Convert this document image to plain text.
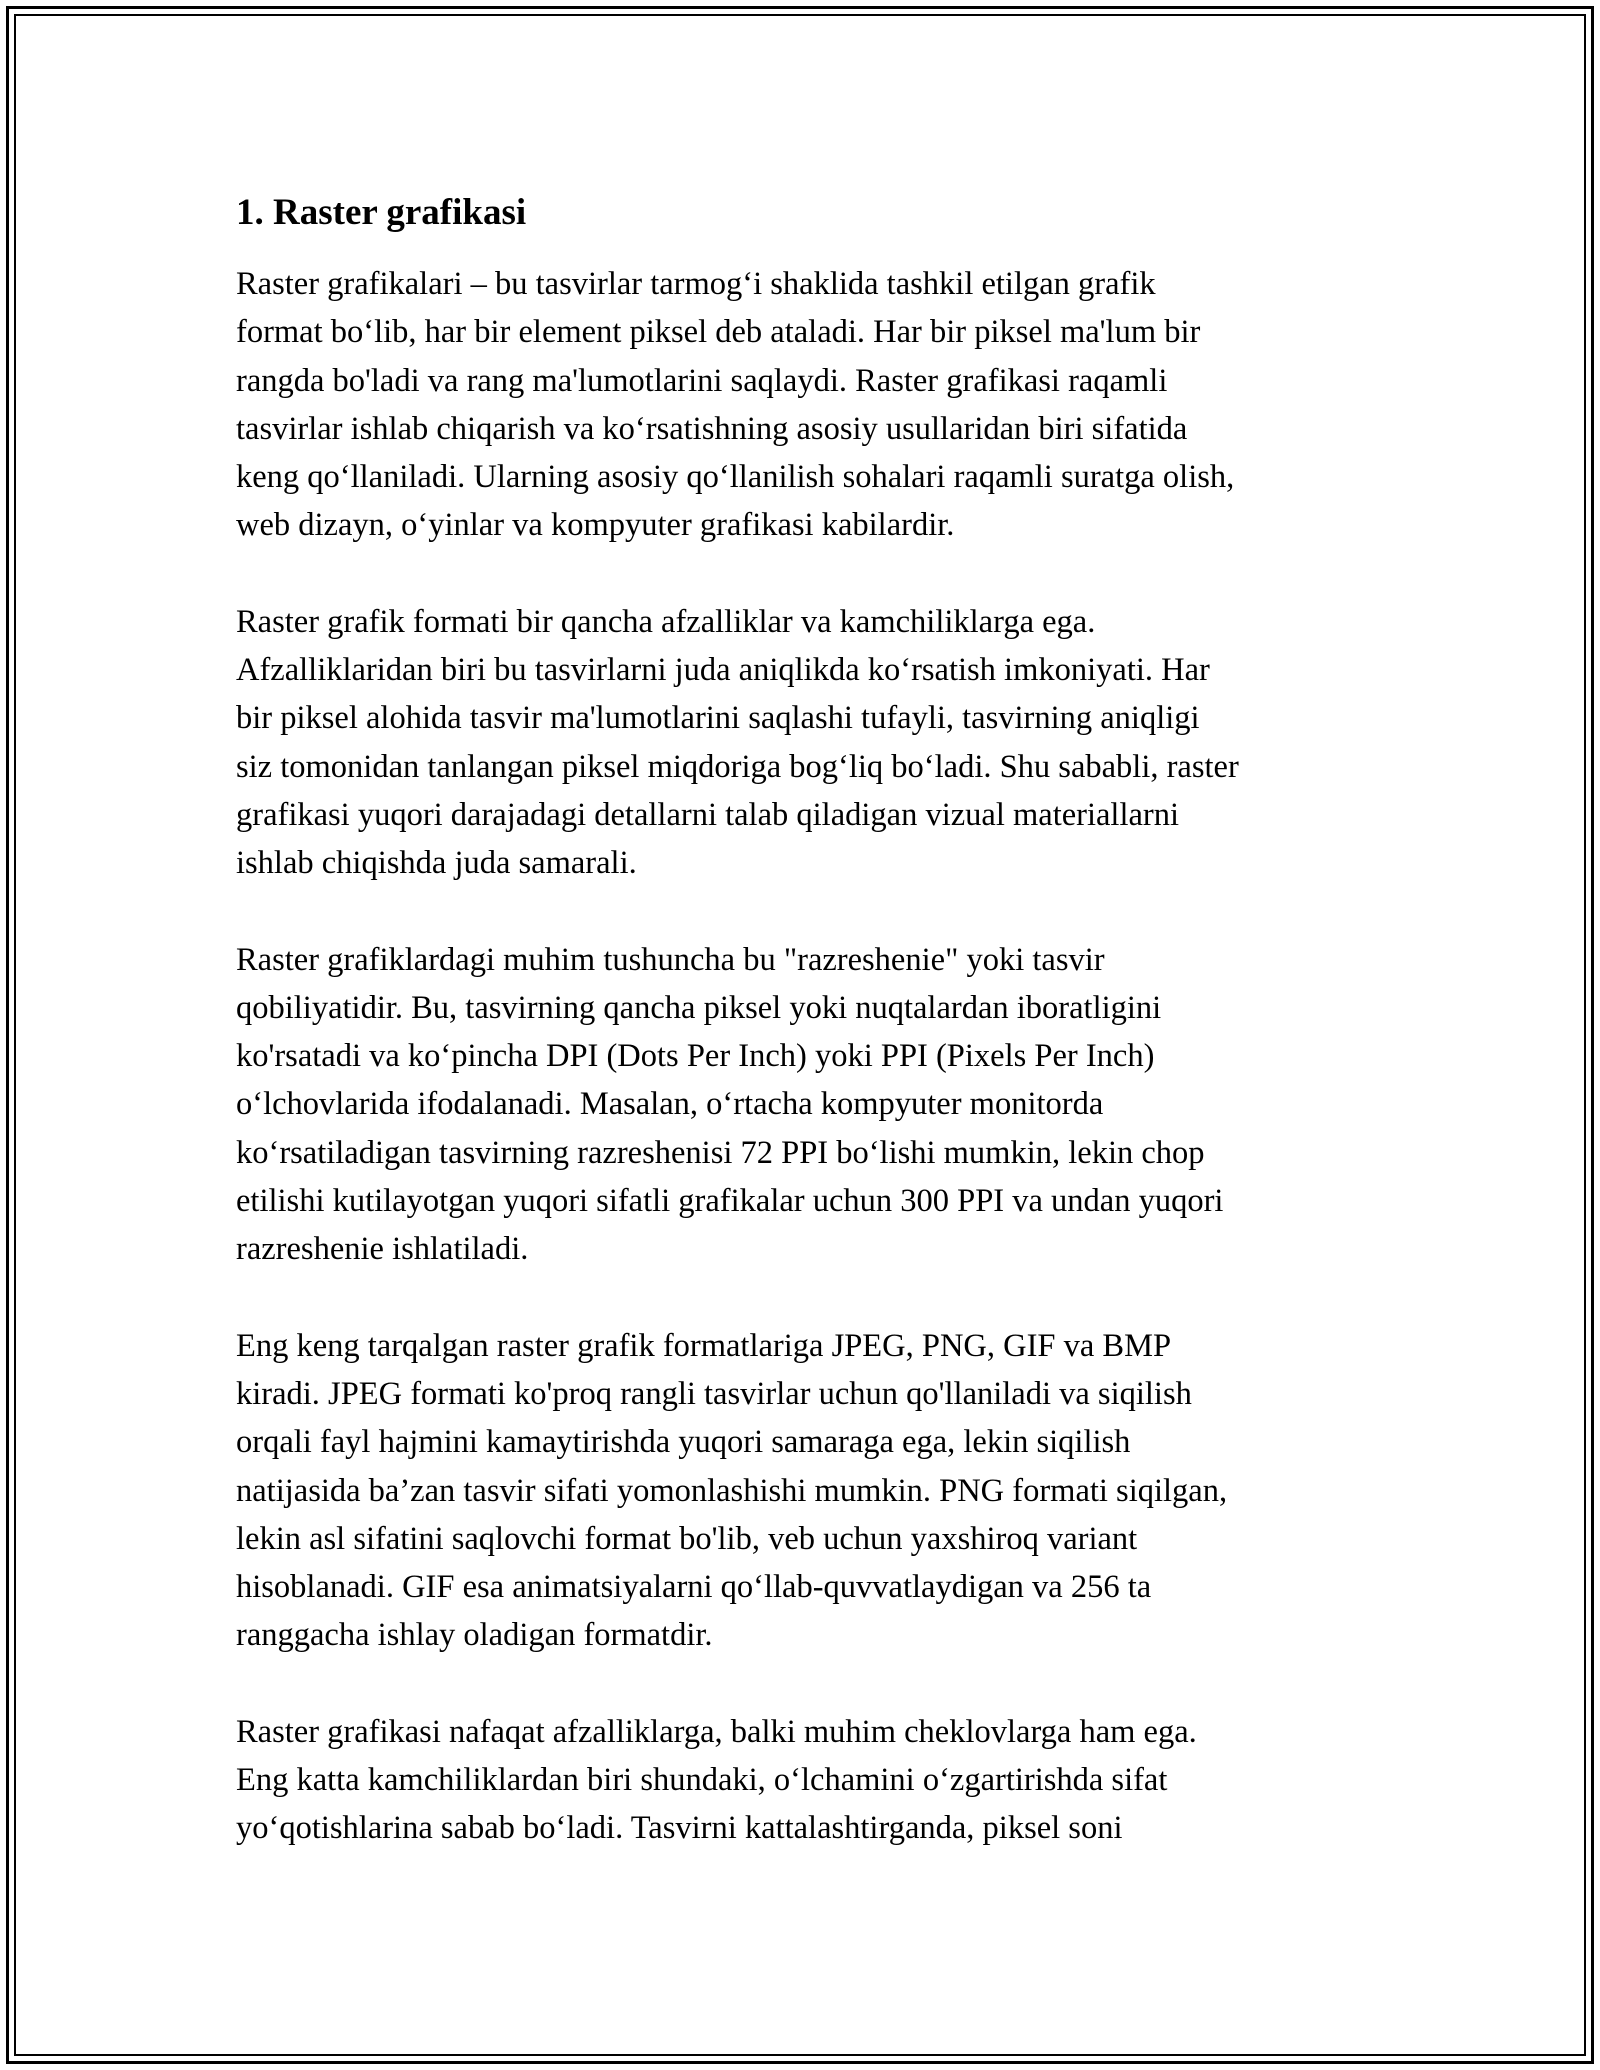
1. Raster grafikasi
Raster grafikalari – bu tasvirlar tarmogʻi shaklida tashkil etilgan grafik
format boʻlib, har bir element piksel deb ataladi. Har bir piksel ma'lum bir
rangda bo'ladi va rang ma'lumotlarini saqlaydi. Raster grafikasi raqamli
tasvirlar ishlab chiqarish va koʻrsatishning asosiy usullaridan biri sifatida
keng qoʻllaniladi. Ularning asosiy qoʻllanilish sohalari raqamli suratga olish,
web dizayn, oʻyinlar va kompyuter grafikasi kabilardir.
Raster grafik formati bir qancha afzalliklar va kamchiliklarga ega.
Afzalliklaridan biri bu tasvirlarni juda aniqlikda koʻrsatish imkoniyati. Har
bir piksel alohida tasvir ma'lumotlarini saqlashi tufayli, tasvirning aniqligi
siz tomonidan tanlangan piksel miqdoriga bogʻliq boʻladi. Shu sababli, raster
grafikasi yuqori darajadagi detallarni talab qiladigan vizual materiallarni
ishlab chiqishda juda samarali.
Raster grafiklardagi muhim tushuncha bu "razreshenie" yoki tasvir
qobiliyatidir. Bu, tasvirning qancha piksel yoki nuqtalardan iboratligini
ko'rsatadi va koʻpincha DPI (Dots Per Inch) yoki PPI (Pixels Per Inch)
oʻlchovlarida ifodalanadi. Masalan, oʻrtacha kompyuter monitorda
koʻrsatiladigan tasvirning razreshenisi 72 PPI boʻlishi mumkin, lekin chop
etilishi kutilayotgan yuqori sifatli grafikalar uchun 300 PPI va undan yuqori
razreshenie ishlatiladi.
Eng keng tarqalgan raster grafik formatlariga JPEG, PNG, GIF va BMP
kiradi. JPEG formati ko'proq rangli tasvirlar uchun qo'llaniladi va siqilish
orqali fayl hajmini kamaytirishda yuqori samaraga ega, lekin siqilish
natijasida ba’zan tasvir sifati yomonlashishi mumkin. PNG formati siqilgan,
lekin asl sifatini saqlovchi format bo'lib, veb uchun yaxshiroq variant
hisoblanadi. GIF esa animatsiyalarni qoʻllab-quvvatlaydigan va 256 ta
ranggacha ishlay oladigan formatdir.
Raster grafikasi nafaqat afzalliklarga, balki muhim cheklovlarga ham ega.
Eng katta kamchiliklardan biri shundaki, oʻlchamini oʻzgartirishda sifat
yoʻqotishlarina sabab boʻladi. Tasvirni kattalashtirganda, piksel soni
